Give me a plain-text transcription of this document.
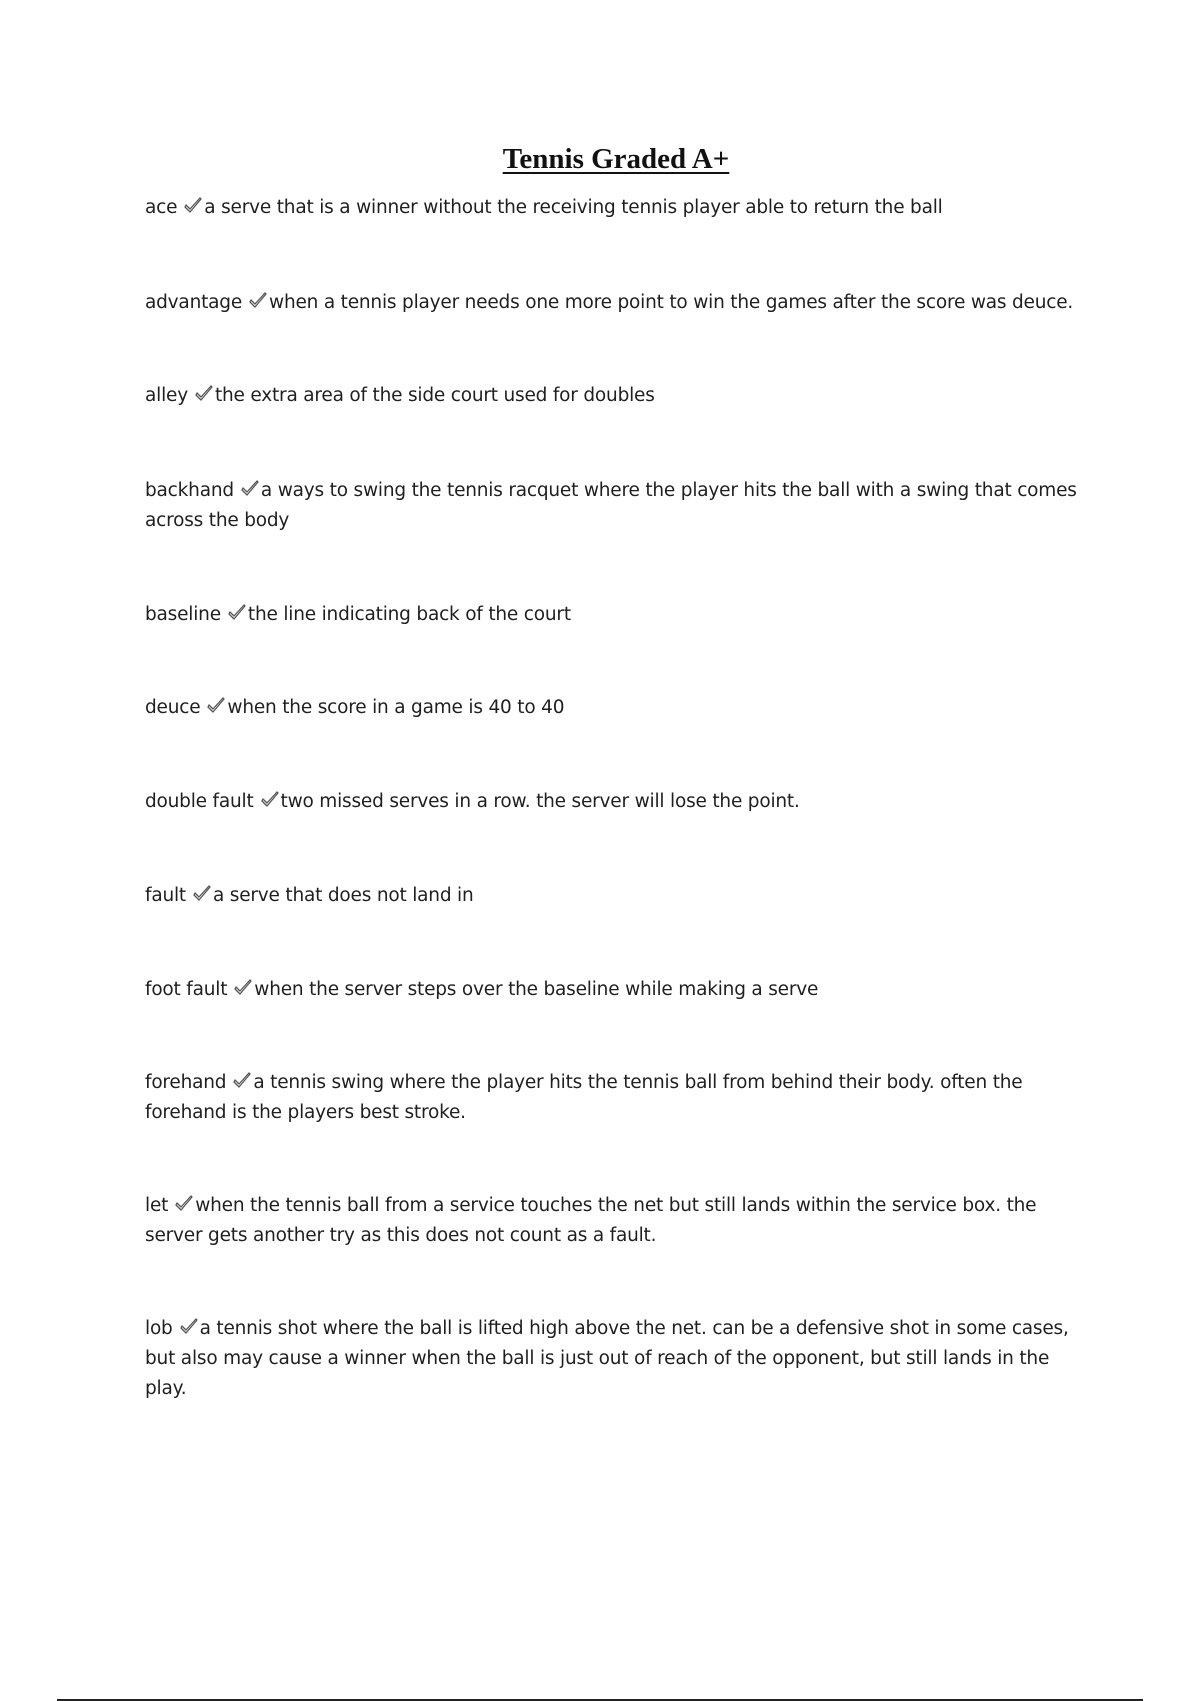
Tennis Graded A+
ace a serve that is a winner without the receiving tennis player able to return the ball
advantage when a tennis player needs one more point to win the games after the score was deuce.
alley the extra area of the side court used for doubles
backhand a ways to swing the tennis racquet where the player hits the ball with a swing that comes across the body
baseline the line indicating back of the court
deuce when the score in a game is 40 to 40
double fault two missed serves in a row. the server will lose the point.
fault a serve that does not land in
foot fault when the server steps over the baseline while making a serve
forehand a tennis swing where the player hits the tennis ball from behind their body. often the forehand is the players best stroke.
let when the tennis ball from a service touches the net but still lands within the service box. the server gets another try as this does not count as a fault.
lob a tennis shot where the ball is lifted high above the net. can be a defensive shot in some cases, but also may cause a winner when the ball is just out of reach of the opponent, but still lands in the play.
